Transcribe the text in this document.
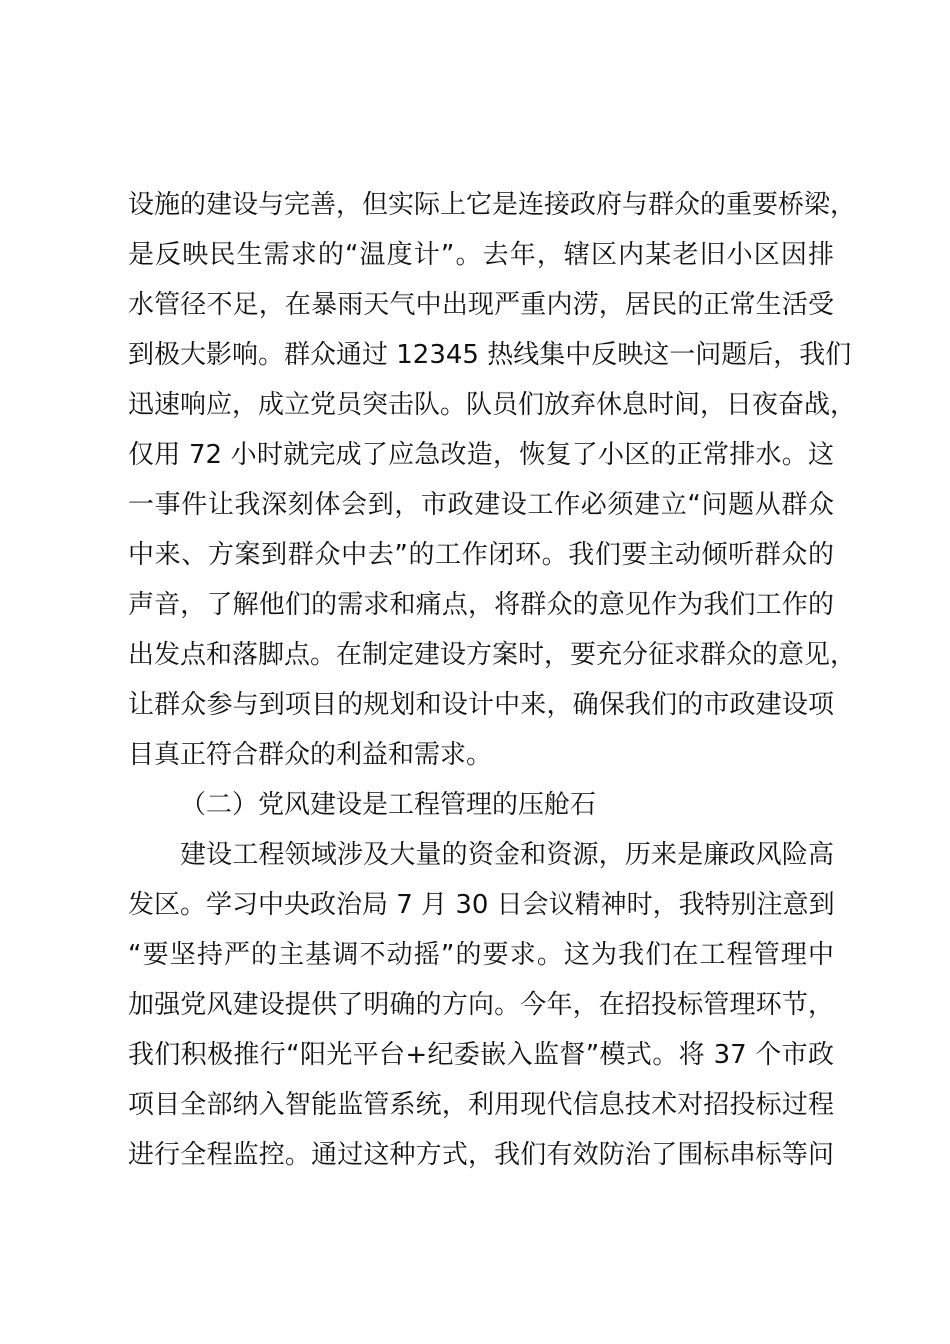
设施的建设与完善，但实际上它是连接政府与群众的重要桥梁，
是反映民生需求的“温度计”。去年，辖区内某老旧小区因排
水管径不足，在暴雨天气中出现严重内涝，居民的正常生活受
到极大影响。群众通过 12345 热线集中反映这一问题后，我们
迅速响应，成立党员突击队。队员们放弃休息时间，日夜奋战，
仅用 72 小时就完成了应急改造，恢复了小区的正常排水。这
一事件让我深刻体会到，市政建设工作必须建立“问题从群众
中来、方案到群众中去”的工作闭环。我们要主动倾听群众的
声音，了解他们的需求和痛点，将群众的意见作为我们工作的
出发点和落脚点。在制定建设方案时，要充分征求群众的意见，
让群众参与到项目的规划和设计中来，确保我们的市政建设项
目真正符合群众的利益和需求。
（二）党风建设是工程管理的压舱石
建设工程领域涉及大量的资金和资源，历来是廉政风险高
发区。学习中央政治局 7 月 30 日会议精神时，我特别注意到
“要坚持严的主基调不动摇”的要求。这为我们在工程管理中
加强党风建设提供了明确的方向。今年，在招投标管理环节，
我们积极推行“阳光平台+纪委嵌入监督”模式。将 37 个市政
项目全部纳入智能监管系统，利用现代信息技术对招投标过程
进行全程监控。通过这种方式，我们有效防治了围标串标等问
